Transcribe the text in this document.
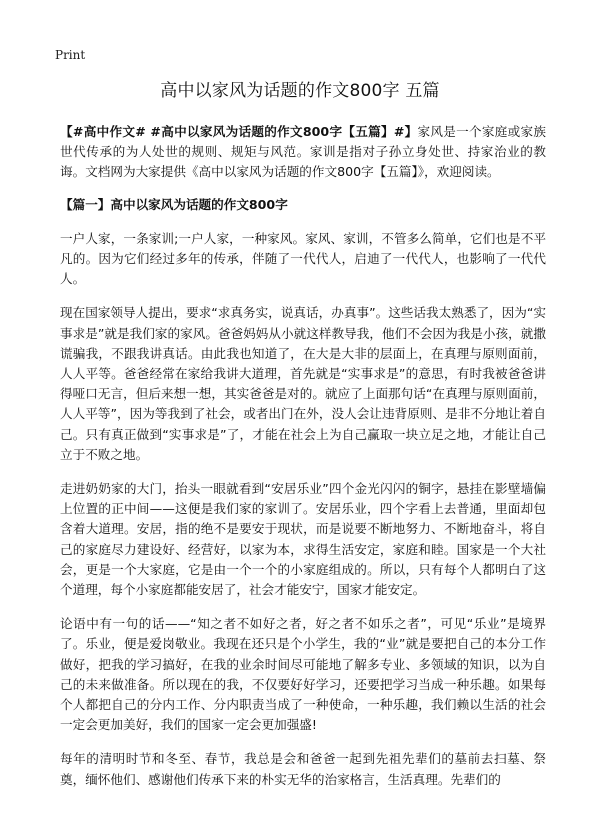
Print
高中以家风为话题的作文800字 五篇

【#高中作文# #高中以家风为话题的作文800字【五篇】#】家风是一个家庭或家族世代传承的为人处世的规则、规矩与风范。家训是指对子孙立身处世、持家治业的教诲。文档网为大家提供《高中以家风为话题的作文800字【五篇】》，欢迎阅读。

【篇一】高中以家风为话题的作文800字

一户人家，一条家训;一户人家，一种家风。家风、家训，不管多么简单，它们也是不平凡的。因为它们经过多年的传承，伴随了一代代人，启迪了一代代人，也影响了一代代人。

现在国家领导人提出，要求“求真务实，说真话，办真事”。这些话我太熟悉了，因为“实事求是”就是我们家的家风。爸爸妈妈从小就这样教导我，他们不会因为我是小孩，就撒谎骗我，不跟我讲真话。由此我也知道了，在大是大非的层面上，在真理与原则面前，人人平等。爸爸经常在家给我讲大道理，首先就是“实事求是”的意思，有时我被爸爸讲得哑口无言，但后来想一想，其实爸爸是对的。就应了上面那句话“在真理与原则面前，人人平等”，因为等我到了社会，或者出门在外，没人会让违背原则、是非不分地让着自己。只有真正做到“实事求是”了，才能在社会上为自己赢取一块立足之地，才能让自己立于不败之地。

走进奶奶家的大门，抬头一眼就看到“安居乐业”四个金光闪闪的铜字，悬挂在影壁墙偏上位置的正中间——这便是我们家的家训了。安居乐业，四个字看上去普通，里面却包含着大道理。安居，指的绝不是要安于现状，而是说要不断地努力、不断地奋斗，将自己的家庭尽力建设好、经营好，以家为本，求得生活安定，家庭和睦。国家是一个大社会，更是一个大家庭，它是由一个一个的小家庭组成的。所以，只有每个人都明白了这个道理，每个小家庭都能安居了，社会才能安宁，国家才能安定。

论语中有一句的话——“知之者不如好之者，好之者不如乐之者”，可见“乐业”是境界了。乐业，便是爱岗敬业。我现在还只是个小学生，我的“业”就是要把自己的本分工作做好，把我的学习搞好，在我的业余时间尽可能地了解多专业、多领域的知识，以为自己的未来做准备。所以现在的我，不仅要好好学习，还要把学习当成一种乐趣。如果每个人都把自己的分内工作、分内职责当成了一种使命，一种乐趣，我们赖以生活的社会一定会更加美好，我们的国家一定会更加强盛!

每年的清明时节和冬至、春节，我总是会和爸爸一起到先祖先辈们的墓前去扫墓、祭奠，缅怀他们、感谢他们传承下来的朴实无华的治家格言，生活真理。先辈们的
